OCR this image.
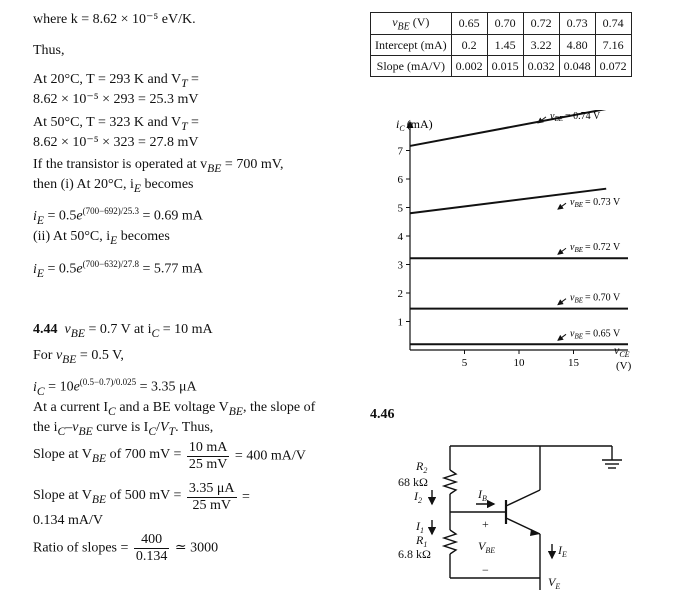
where k = 8.62 × 10⁻⁵ eV/K.
Thus,
At 20°C, T = 293 K and $V_T$ =
8.62 × 10⁻⁵ × 293 = 25.3 mV
At 50°C, T = 323 K and $V_T$ =
8.62 × 10⁻⁵ × 323 = 27.8 mV
If the transistor is operated at $v_{BE} = 700$ mV,
then (i) At 20°C, $i_E$ becomes
$i_E = 0.5e^{(700-692)/25.3} = 0.69$ mA
(ii) At 50°C, $i_E$ becomes
$i_E = 0.5e^{(700-632)/27.8} = 5.77$ mA
4.44 $v_{BE} = 0.7$ V at $i_C = 10$ mA
For $v_{BE} = 0.5$ V,
$i_C = 10e^{(0.5-0.7)/0.025} = 3.35$ μA
At a current $I_C$ and a BE voltage $V_{BE}$, the slope of
the $i_C-v_{BE}$ curve is $I_C/V_T$. Thus,
Slope at $V_{BE}$ of 700 mV = $\frac{10 mA}{25 mV} = 400$ mA/V
Slope at $V_{BE}$ of 500 mV = $\frac{3.35 \mu A}{25 mV}$ =
0.134 mA/V
Ratio of slopes = $\frac{400}{0.134}$ ≃ 3000
$v_{BE}$ (V)	0.65	0.70	0.72	0.73	0.74
Intercept (mA)	0.2	1.45	3.22	4.80	7.16
Slope (mA/V)	0.002	0.015	0.032	0.048	0.072
5	10	15
1
2
3
4
5
6
7
$v_{BE} = 0.74$ V
$v_{BE} = 0.73$ V
$v_{BE} = 0.72$ V
$v_{BE} = 0.70$ V
$v_{BE} = 0.65$ V
$i_C$ (mA)
$v_{CE}$
(V)
4.46
$R_2$
68 kΩ
$I_2$	$I_B$
$I_1$
$R_1$
6.8 kΩ
+
$V_{BE}$
−
$I_E$
$V_E$
